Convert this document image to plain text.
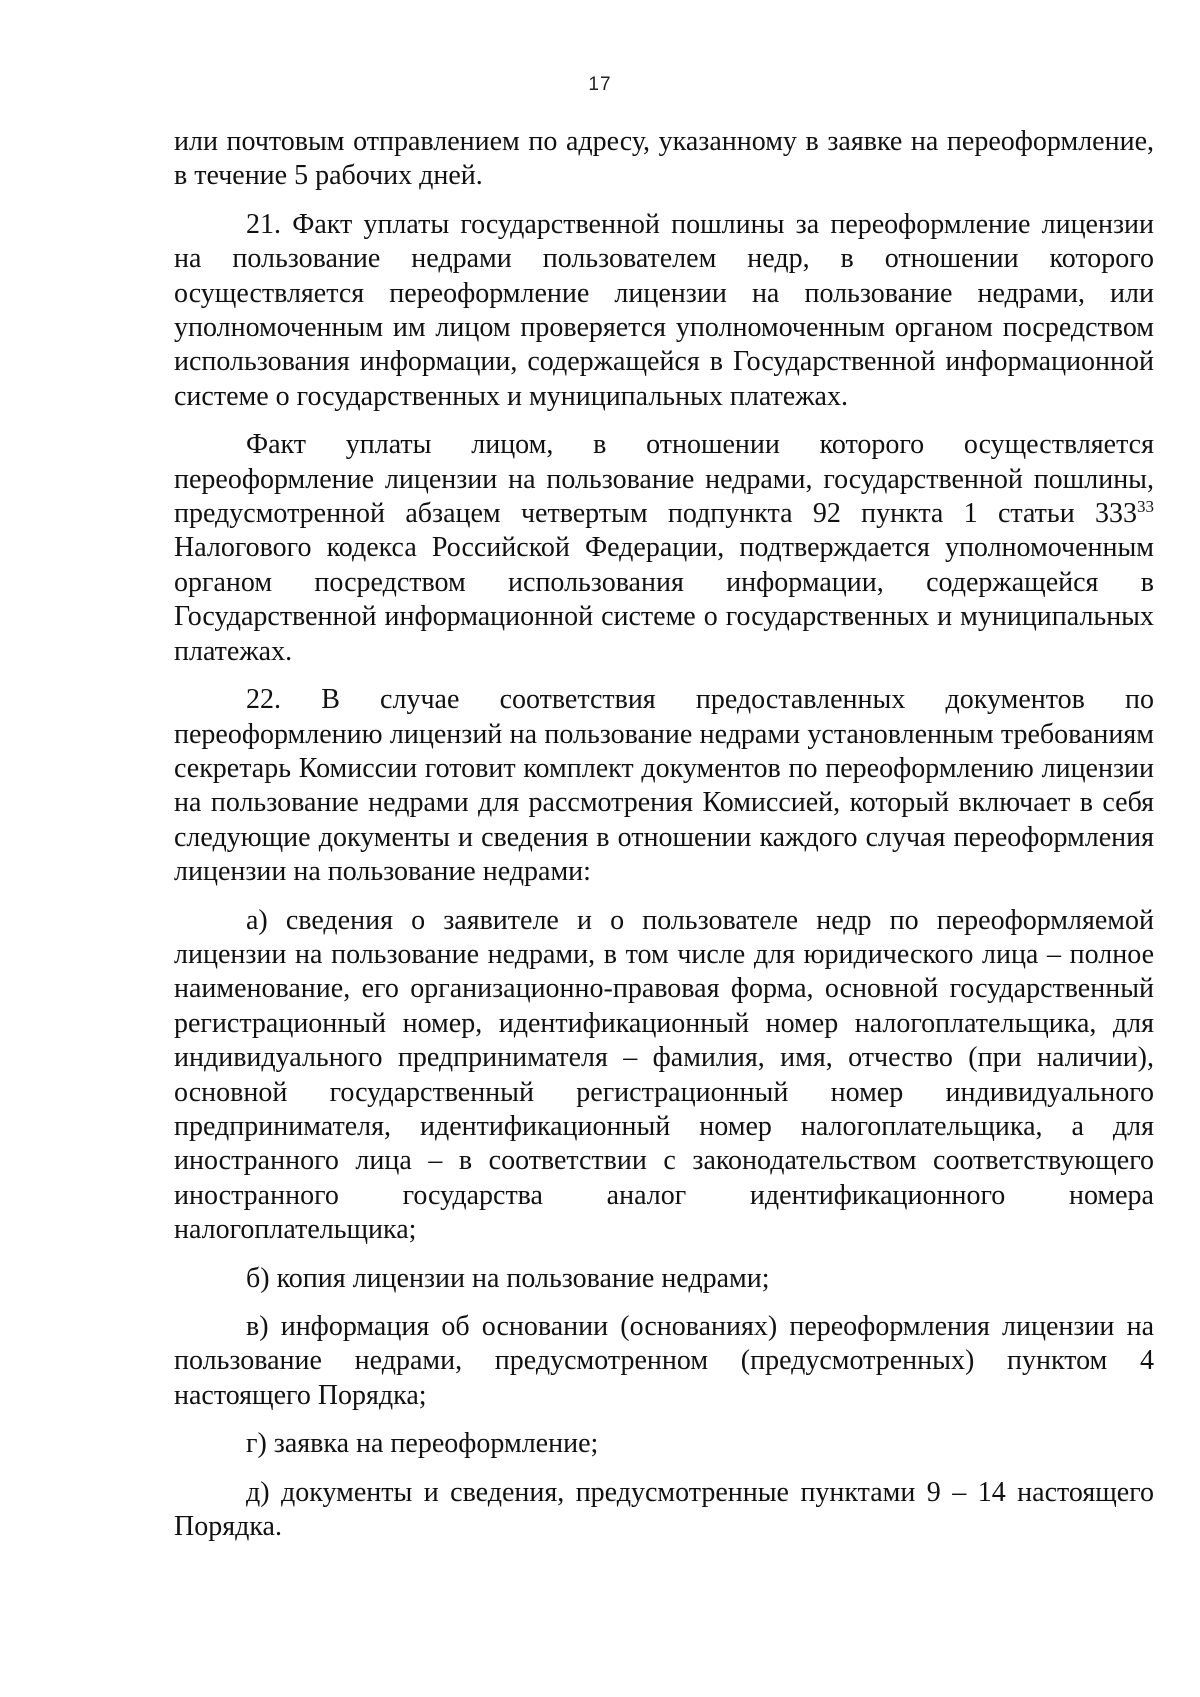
17

или почтовым отправлением по адресу, указанному в заявке на переоформление, в течение 5 рабочих дней.

21. Факт уплаты государственной пошлины за переоформление лицензии на пользование недрами пользователем недр, в отношении которого осуществляется переоформление лицензии на пользование недрами, или уполномоченным им лицом проверяется уполномоченным органом посредством использования информации, содержащейся в Государственной информационной системе о государственных и муниципальных платежах.

Факт уплаты лицом, в отношении которого осуществляется переоформление лицензии на пользование недрами, государственной пошлины, предусмотренной абзацем четвертым подпункта 92 пункта 1 статьи $333^{33}$ Налогового кодекса Российской Федерации, подтверждается уполномоченным органом посредством использования информации, содержащейся в Государственной информационной системе о государственных и муниципальных платежах.

22. В случае соответствия предоставленных документов по переоформлению лицензий на пользование недрами установленным требованиям секретарь Комиссии готовит комплект документов по переоформлению лицензии на пользование недрами для рассмотрения Комиссией, который включает в себя следующие документы и сведения в отношении каждого случая переоформления лицензии на пользование недрами:

а) сведения о заявителе и о пользователе недр по переоформляемой лицензии на пользование недрами, в том числе для юридического лица – полное наименование, его организационно-правовая форма, основной государственный регистрационный номер, идентификационный номер налогоплательщика, для индивидуального предпринимателя – фамилия, имя, отчество (при наличии), основной государственный регистрационный номер индивидуального предпринимателя, идентификационный номер налогоплательщика, а для иностранного лица – в соответствии с законодательством соответствующего иностранного государства аналог идентификационного номера налогоплательщика;

б) копия лицензии на пользование недрами;

в) информация об основании (основаниях) переоформления лицензии на пользование недрами, предусмотренном (предусмотренных) пунктом 4 настоящего Порядка;

г) заявка на переоформление;

д) документы и сведения, предусмотренные пунктами 9 – 14 настоящего Порядка.
